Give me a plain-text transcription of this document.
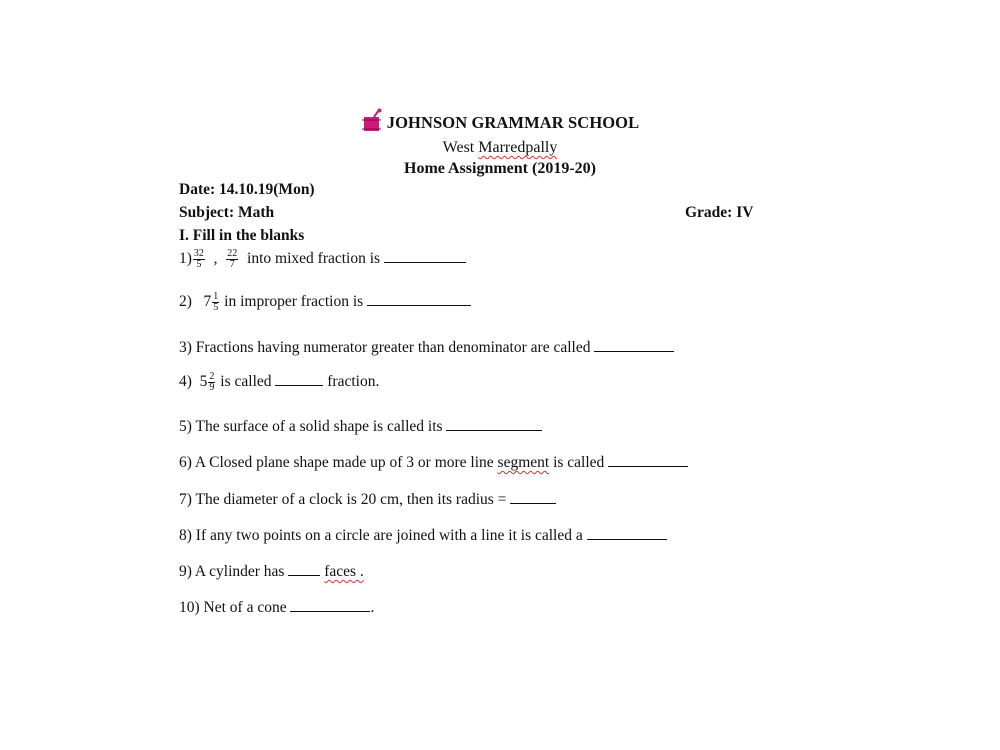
JOHNSON GRAMMAR SCHOOL
West Marredpally
Home Assignment (2019-20)
Date: 14.10.19(Mon)
Subject: Math	Grade: IV
I. Fill in the blanks
$1) \frac{32}{5}$ , $\frac{22}{7}$ into mixed fraction is
2) $7 \frac{1}{5}$ in improper fraction is
3) Fractions having numerator greater than denominator are called
4) $5 \frac{2}{9}$ is called	fraction.
5) The surface of a solid shape is called its
6) A Closed plane shape made up of 3 or more line segment is called
7) The diameter of a clock is 20 cm, then its radius =
8) If any two points on a circle are joined with a line it is called a
9) A cylinder has	faces .
10) Net of a cone	.
